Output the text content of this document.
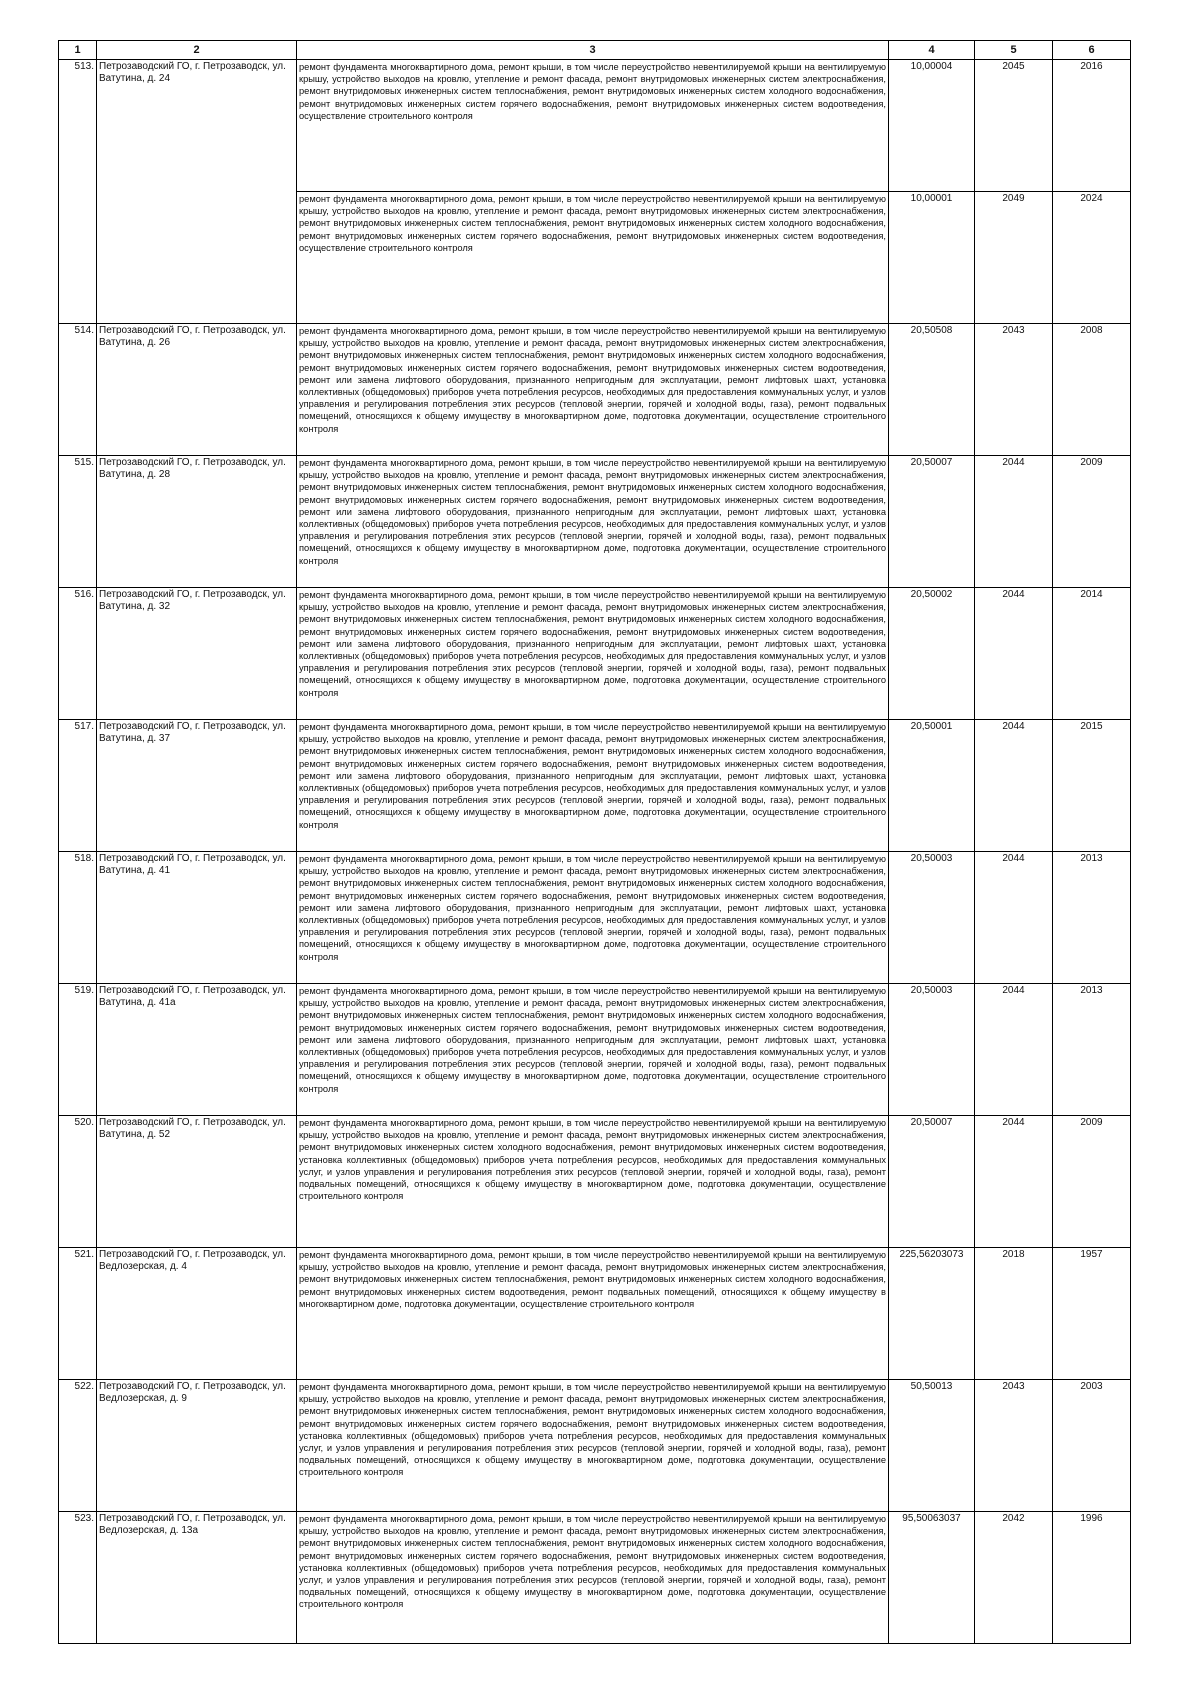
1	2	3	4	5	6
513.	Петрозаводский ГО, г. Петрозаводск, ул. Ватутина, д. 24	ремонт фундамента многоквартирного дома, ремонт крыши, в том числе переустройство невентилируемой крыши на вентилируемую крышу, устройство выходов на кровлю, утепление и ремонт фасада, ремонт внутридомовых инженерных систем электроснабжения, ремонт внутридомовых инженерных систем теплоснабжения, ремонт внутридомовых инженерных систем холодного водоснабжения, ремонт внутридомовых инженерных систем горячего водоснабжения, ремонт внутридомовых инженерных систем водоотведения, осуществление строительного контроля	10,00004	2045	2016
		ремонт фундамента многоквартирного дома, ремонт крыши, в том числе переустройство невентилируемой крыши на вентилируемую крышу, устройство выходов на кровлю, утепление и ремонт фасада, ремонт внутридомовых инженерных систем электроснабжения, ремонт внутридомовых инженерных систем теплоснабжения, ремонт внутридомовых инженерных систем холодного водоснабжения, ремонт внутридомовых инженерных систем горячего водоснабжения, ремонт внутридомовых инженерных систем водоотведения, осуществление строительного контроля	10,00001	2049	2024
514.	Петрозаводский ГО, г. Петрозаводск, ул. Ватутина, д. 26	ремонт фундамента многоквартирного дома, ремонт крыши, в том числе переустройство невентилируемой крыши на вентилируемую крышу, устройство выходов на кровлю, утепление и ремонт фасада, ремонт внутридомовых инженерных систем электроснабжения, ремонт внутридомовых инженерных систем теплоснабжения, ремонт внутридомовых инженерных систем холодного водоснабжения, ремонт внутридомовых инженерных систем горячего водоснабжения, ремонт внутридомовых инженерных систем водоотведения, ремонт или замена лифтового оборудования, признанного непригодным для эксплуатации, ремонт лифтовых шахт, установка коллективных (общедомовых) приборов учета потребления ресурсов, необходимых для предоставления коммунальных услуг, и узлов управления и регулирования потребления этих ресурсов (тепловой энергии, горячей и холодной воды, газа), ремонт подвальных помещений, относящихся к общему имуществу в многоквартирном доме, подготовка документации, осуществление строительного контроля	20,50508	2043	2008
515.	Петрозаводский ГО, г. Петрозаводск, ул. Ватутина, д. 28	ремонт фундамента многоквартирного дома, ремонт крыши, в том числе переустройство невентилируемой крыши на вентилируемую крышу, устройство выходов на кровлю, утепление и ремонт фасада, ремонт внутридомовых инженерных систем электроснабжения, ремонт внутридомовых инженерных систем теплоснабжения, ремонт внутридомовых инженерных систем холодного водоснабжения, ремонт внутридомовых инженерных систем горячего водоснабжения, ремонт внутридомовых инженерных систем водоотведения, ремонт или замена лифтового оборудования, признанного непригодным для эксплуатации, ремонт лифтовых шахт, установка коллективных (общедомовых) приборов учета потребления ресурсов, необходимых для предоставления коммунальных услуг, и узлов управления и регулирования потребления этих ресурсов (тепловой энергии, горячей и холодной воды, газа), ремонт подвальных помещений, относящихся к общему имуществу в многоквартирном доме, подготовка документации, осуществление строительного контроля	20,50007	2044	2009
516.	Петрозаводский ГО, г. Петрозаводск, ул. Ватутина, д. 32	ремонт фундамента многоквартирного дома, ремонт крыши, в том числе переустройство невентилируемой крыши на вентилируемую крышу, устройство выходов на кровлю, утепление и ремонт фасада, ремонт внутридомовых инженерных систем электроснабжения, ремонт внутридомовых инженерных систем теплоснабжения, ремонт внутридомовых инженерных систем холодного водоснабжения, ремонт внутридомовых инженерных систем горячего водоснабжения, ремонт внутридомовых инженерных систем водоотведения, ремонт или замена лифтового оборудования, признанного непригодным для эксплуатации, ремонт лифтовых шахт, установка коллективных (общедомовых) приборов учета потребления ресурсов, необходимых для предоставления коммунальных услуг, и узлов управления и регулирования потребления этих ресурсов (тепловой энергии, горячей и холодной воды, газа), ремонт подвальных помещений, относящихся к общему имуществу в многоквартирном доме, подготовка документации, осуществление строительного контроля	20,50002	2044	2014
517.	Петрозаводский ГО, г. Петрозаводск, ул. Ватутина, д. 37	ремонт фундамента многоквартирного дома, ремонт крыши, в том числе переустройство невентилируемой крыши на вентилируемую крышу, устройство выходов на кровлю, утепление и ремонт фасада, ремонт внутридомовых инженерных систем электроснабжения, ремонт внутридомовых инженерных систем теплоснабжения, ремонт внутридомовых инженерных систем холодного водоснабжения, ремонт внутридомовых инженерных систем горячего водоснабжения, ремонт внутридомовых инженерных систем водоотведения, ремонт или замена лифтового оборудования, признанного непригодным для эксплуатации, ремонт лифтовых шахт, установка коллективных (общедомовых) приборов учета потребления ресурсов, необходимых для предоставления коммунальных услуг, и узлов управления и регулирования потребления этих ресурсов (тепловой энергии, горячей и холодной воды, газа), ремонт подвальных помещений, относящихся к общему имуществу в многоквартирном доме, подготовка документации, осуществление строительного контроля	20,50001	2044	2015
518.	Петрозаводский ГО, г. Петрозаводск, ул. Ватутина, д. 41	ремонт фундамента многоквартирного дома, ремонт крыши, в том числе переустройство невентилируемой крыши на вентилируемую крышу, устройство выходов на кровлю, утепление и ремонт фасада, ремонт внутридомовых инженерных систем электроснабжения, ремонт внутридомовых инженерных систем теплоснабжения, ремонт внутридомовых инженерных систем холодного водоснабжения, ремонт внутридомовых инженерных систем горячего водоснабжения, ремонт внутридомовых инженерных систем водоотведения, ремонт или замена лифтового оборудования, признанного непригодным для эксплуатации, ремонт лифтовых шахт, установка коллективных (общедомовых) приборов учета потребления ресурсов, необходимых для предоставления коммунальных услуг, и узлов управления и регулирования потребления этих ресурсов (тепловой энергии, горячей и холодной воды, газа), ремонт подвальных помещений, относящихся к общему имуществу в многоквартирном доме, подготовка документации, осуществление строительного контроля	20,50003	2044	2013
519.	Петрозаводский ГО, г. Петрозаводск, ул. Ватутина, д. 41а	ремонт фундамента многоквартирного дома, ремонт крыши, в том числе переустройство невентилируемой крыши на вентилируемую крышу, устройство выходов на кровлю, утепление и ремонт фасада, ремонт внутридомовых инженерных систем электроснабжения, ремонт внутридомовых инженерных систем теплоснабжения, ремонт внутридомовых инженерных систем холодного водоснабжения, ремонт внутридомовых инженерных систем горячего водоснабжения, ремонт внутридомовых инженерных систем водоотведения, ремонт или замена лифтового оборудования, признанного непригодным для эксплуатации, ремонт лифтовых шахт, установка коллективных (общедомовых) приборов учета потребления ресурсов, необходимых для предоставления коммунальных услуг, и узлов управления и регулирования потребления этих ресурсов (тепловой энергии, горячей и холодной воды, газа), ремонт подвальных помещений, относящихся к общему имуществу в многоквартирном доме, подготовка документации, осуществление строительного контроля	20,50003	2044	2013
520.	Петрозаводский ГО, г. Петрозаводск, ул. Ватутина, д. 52	ремонт фундамента многоквартирного дома, ремонт крыши, в том числе переустройство невентилируемой крыши на вентилируемую крышу, устройство выходов на кровлю, утепление и ремонт фасада, ремонт внутридомовых инженерных систем электроснабжения, ремонт внутридомовых инженерных систем холодного водоснабжения, ремонт внутридомовых инженерных систем водоотведения, установка коллективных (общедомовых) приборов учета потребления ресурсов, необходимых для предоставления коммунальных услуг, и узлов управления и регулирования потребления этих ресурсов (тепловой энергии, горячей и холодной воды, газа), ремонт подвальных помещений, относящихся к общему имуществу в многоквартирном доме, подготовка документации, осуществление строительного контроля	20,50007	2044	2009
521.	Петрозаводский ГО, г. Петрозаводск, ул. Ведлозерская, д. 4	ремонт фундамента многоквартирного дома, ремонт крыши, в том числе переустройство невентилируемой крыши на вентилируемую крышу, устройство выходов на кровлю, утепление и ремонт фасада, ремонт внутридомовых инженерных систем электроснабжения, ремонт внутридомовых инженерных систем теплоснабжения, ремонт внутридомовых инженерных систем холодного водоснабжения, ремонт внутридомовых инженерных систем водоотведения, ремонт подвальных помещений, относящихся к общему имуществу в многоквартирном доме, подготовка документации, осуществление строительного контроля	225,56203073	2018	1957
522.	Петрозаводский ГО, г. Петрозаводск, ул. Ведлозерская, д. 9	ремонт фундамента многоквартирного дома, ремонт крыши, в том числе переустройство невентилируемой крыши на вентилируемую крышу, устройство выходов на кровлю, утепление и ремонт фасада, ремонт внутридомовых инженерных систем электроснабжения, ремонт внутридомовых инженерных систем теплоснабжения, ремонт внутридомовых инженерных систем холодного водоснабжения, ремонт внутридомовых инженерных систем горячего водоснабжения, ремонт внутридомовых инженерных систем водоотведения, установка коллективных (общедомовых) приборов учета потребления ресурсов, необходимых для предоставления коммунальных услуг, и узлов управления и регулирования потребления этих ресурсов (тепловой энергии, горячей и холодной воды, газа), ремонт подвальных помещений, относящихся к общему имуществу в многоквартирном доме, подготовка документации, осуществление строительного контроля	50,50013	2043	2003
523.	Петрозаводский ГО, г. Петрозаводск, ул. Ведлозерская, д. 13а	ремонт фундамента многоквартирного дома, ремонт крыши, в том числе переустройство невентилируемой крыши на вентилируемую крышу, устройство выходов на кровлю, утепление и ремонт фасада, ремонт внутридомовых инженерных систем электроснабжения, ремонт внутридомовых инженерных систем теплоснабжения, ремонт внутридомовых инженерных систем холодного водоснабжения, ремонт внутридомовых инженерных систем горячего водоснабжения, ремонт внутридомовых инженерных систем водоотведения, установка коллективных (общедомовых) приборов учета потребления ресурсов, необходимых для предоставления коммунальных услуг, и узлов управления и регулирования потребления этих ресурсов (тепловой энергии, горячей и холодной воды, газа), ремонт подвальных помещений, относящихся к общему имуществу в многоквартирном доме, подготовка документации, осуществление строительного контроля	95,50063037	2042	1996
